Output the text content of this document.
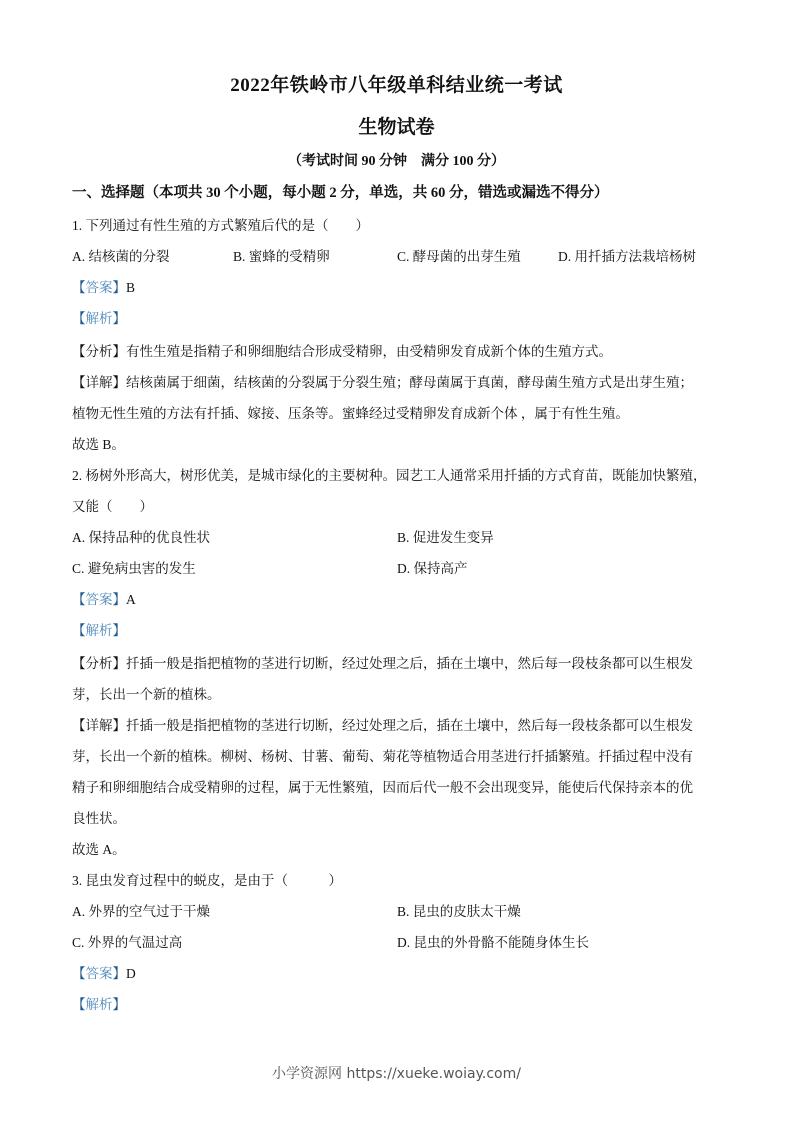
2022年铁岭市八年级单科结业统一考试
生物试卷
（考试时间 90 分钟　满分 100 分）
一、选择题（本项共 30 个小题，每小题 2 分，单选，共 60 分，错选或漏选不得分）
1. 下列通过有性生殖的方式繁殖后代的是（　　）
A. 结核菌的分裂	B. 蜜蜂的受精卵	C. 酵母菌的出芽生殖	D. 用扦插方法栽培杨树
【答案】B
【解析】
【分析】有性生殖是指精子和卵细胞结合形成受精卵，由受精卵发育成新个体的生殖方式。
【详解】结核菌属于细菌，结核菌的分裂属于分裂生殖；酵母菌属于真菌，酵母菌生殖方式是出芽生殖；
植物无性生殖的方法有扦插、嫁接、压条等。蜜蜂经过受精卵发育成新个体 ，属于有性生殖。
故选 B。
2. 杨树外形高大，树形优美，是城市绿化的主要树种。园艺工人通常采用扦插的方式育苗，既能加快繁殖，
又能（　　）
A. 保持品种的优良性状	B. 促进发生变异
C. 避免病虫害的发生	D. 保持高产
【答案】A
【解析】
【分析】扦插一般是指把植物的茎进行切断，经过处理之后，插在土壤中，然后每一段枝条都可以生根发
芽，长出一个新的植株。
【详解】扦插一般是指把植物的茎进行切断，经过处理之后，插在土壤中，然后每一段枝条都可以生根发
芽，长出一个新的植株。柳树、杨树、甘薯、葡萄、菊花等植物适合用茎进行扦插繁殖。扦插过程中没有
精子和卵细胞结合成受精卵的过程，属于无性繁殖，因而后代一般不会出现变异，能使后代保持亲本的优
良性状。
故选 A。
3. 昆虫发育过程中的蜕皮，是由于（　　　）
A. 外界的空气过于干燥	B. 昆虫的皮肤太干燥
C. 外界的气温过高	D. 昆虫的外骨骼不能随身体生长
【答案】D
【解析】
小学资源网 https://xueke.woiay.com/
